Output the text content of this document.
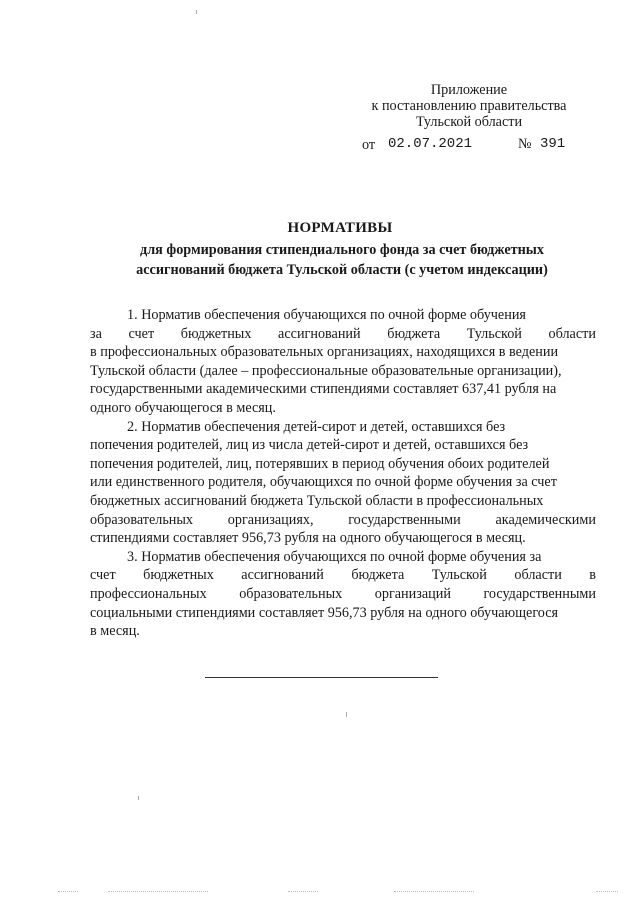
Приложение
к постановлению правительства
Тульской области
от 02.07.2021	№ 391
НОРМАТИВЫ
для формирования стипендиального фонда за счет бюджетных
ассигнований бюджета Тульской области (с учетом индексации)
1. Норматив обеспечения обучающихся по очной форме обучения
за счет бюджетных ассигнований бюджета Тульской области
в профессиональных образовательных организациях, находящихся в ведении
Тульской области (далее – профессиональные образовательные организации),
государственными академическими стипендиями составляет 637,41 рубля на
одного обучающегося в месяц.
2. Норматив обеспечения детей-сирот и детей, оставшихся без
попечения родителей, лиц из числа детей-сирот и детей, оставшихся без
попечения родителей, лиц, потерявших в период обучения обоих родителей
или единственного родителя, обучающихся по очной форме обучения за счет
бюджетных ассигнований бюджета Тульской области в профессиональных
образовательных организациях, государственными академическими
стипендиями составляет 956,73 рубля на одного обучающегося в месяц.
3. Норматив обеспечения обучающихся по очной форме обучения за
счет бюджетных ассигнований бюджета Тульской области в
профессиональных образовательных организаций государственными
социальными стипендиями составляет 956,73 рубля на одного обучающегося
в месяц.
